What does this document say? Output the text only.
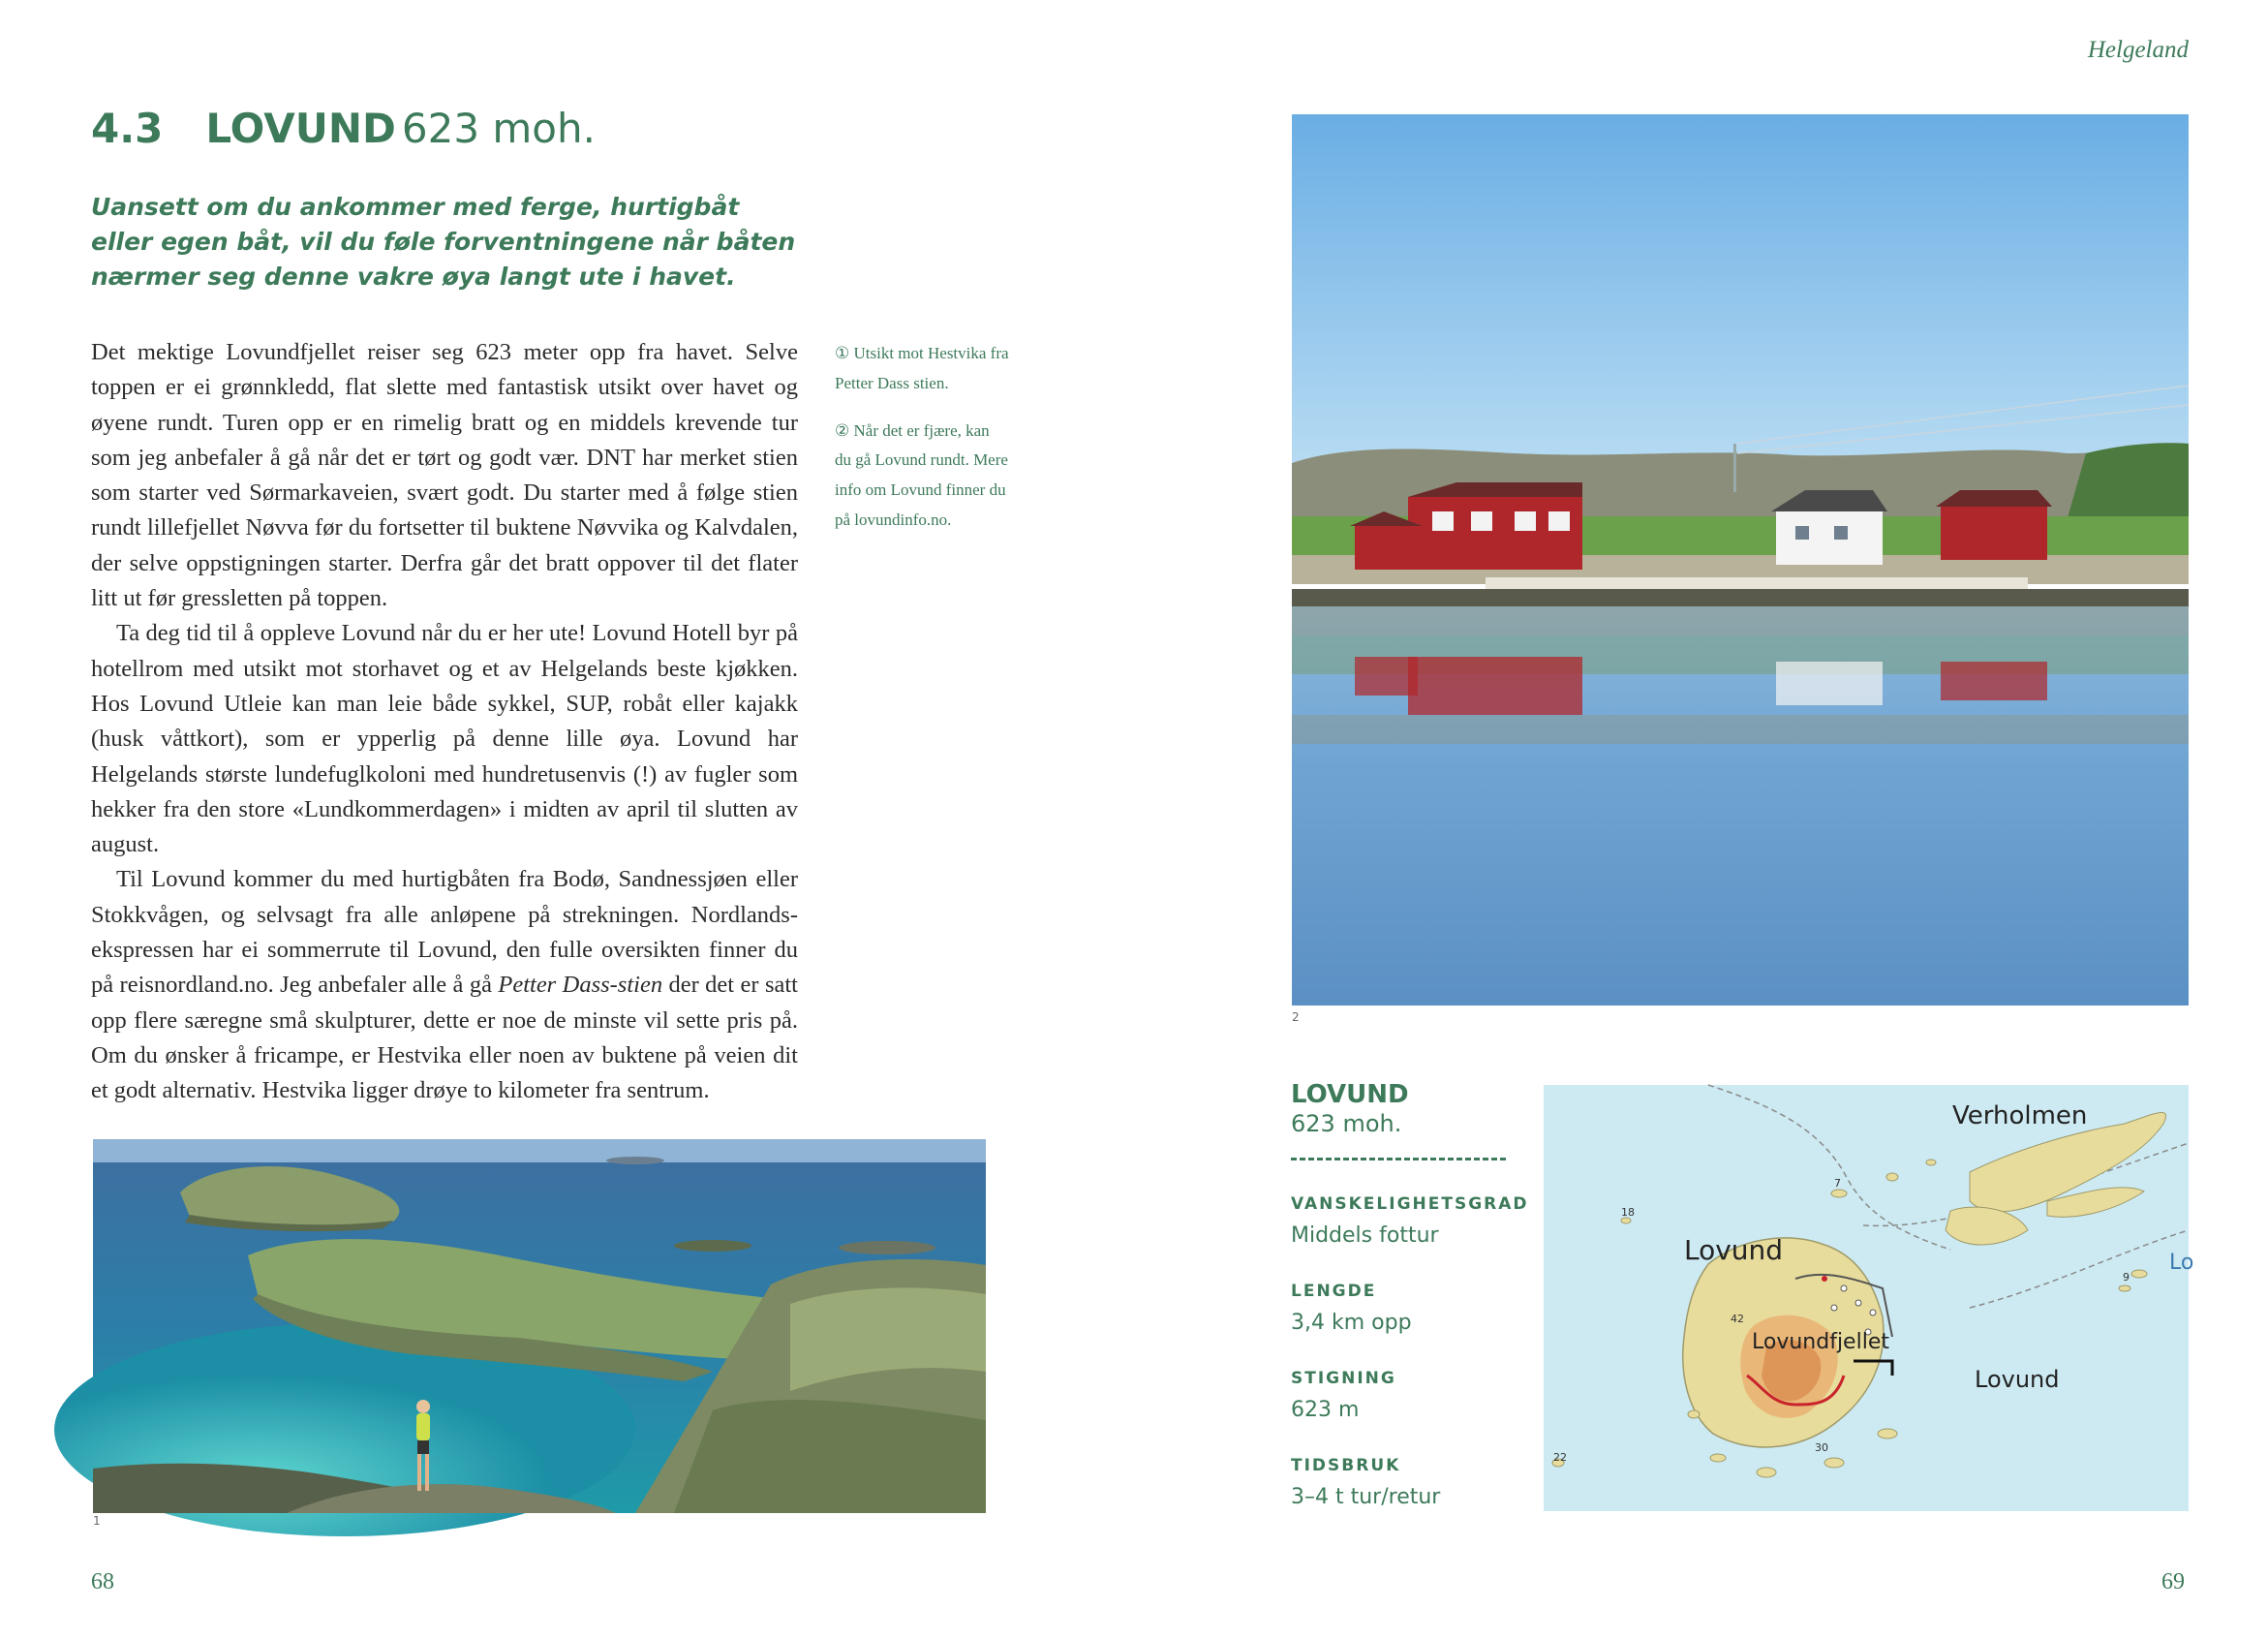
Helgeland
4.3 LOVUND 623 moh.
Uansett om du ankommer med ferge, hurtigbåt eller egen båt, vil du føle forventningene når båten nærmer seg denne vakre øya langt ute i havet.

Det mektige Lovundfjellet reiser seg 623 meter opp fra havet. Selve toppen er ei grønnkledd, flat slette med fantastisk utsikt over havet og øyene rundt. Turen opp er en rimelig bratt og en middels krevende tur som jeg anbefaler å gå når det er tørt og godt vær. DNT har merket stien som starter ved Sørmarkaveien, svært godt. Du starter med å følge stien rundt lillefjellet Nøvva før du fortsetter til buktene Nøvvika og Kalvdalen, der selve oppstigningen starter. Derfra går det bratt oppover til det flater litt ut før gressletten på toppen.

Ta deg tid til å oppleve Lovund når du er her ute! Lovund Hotell byr på hotellrom med utsikt mot storhavet og et av Helgelands beste kjøkken. Hos Lovund Utleie kan man leie både sykkel, SUP, robåt eller kajakk (husk våttkort), som er ypperlig på denne lille øya. Lovund har Helgelands største lundefuglkoloni med hundretusenvis (!) av fugler som hekker fra den store «Lundkommerdagen» i midten av april til slutten av august.

Til Lovund kommer du med hurtigbåten fra Bodø, Sandnessjøen eller Stokkvågen, og selvsagt fra alle anløpene på strekningen. Nordlandsekspressen har ei sommerrute til Lovund, den fulle oversikten finner du på reisnordland.no. Jeg anbefaler alle å gå Petter Dass-stien der det er satt opp flere særegne små skulpturer, dette er noe de minste vil sette pris på. Om du ønsker å fricampe, er Hestvika eller noen av buktene på veien dit et godt alternativ. Hestvika ligger drøye to kilometer fra sentrum.

① Utsikt mot Hestvika fra Petter Dass stien.

② Når det er fjære, kan du gå Lovund rundt. Mere info om Lovund finner du på lovundinfo.no.

1
2
LOVUND
623 moh.
VANSKELIGHETSGRAD
Middels fottur
LENGDE
3,4 km opp
STIGNING
623 m
TIDSBRUK
3–4 t tur/retur
Verholmen
Lovund
Lovundfjellet
Lovund
Lo
18
7
42
9
30
22
68	69
